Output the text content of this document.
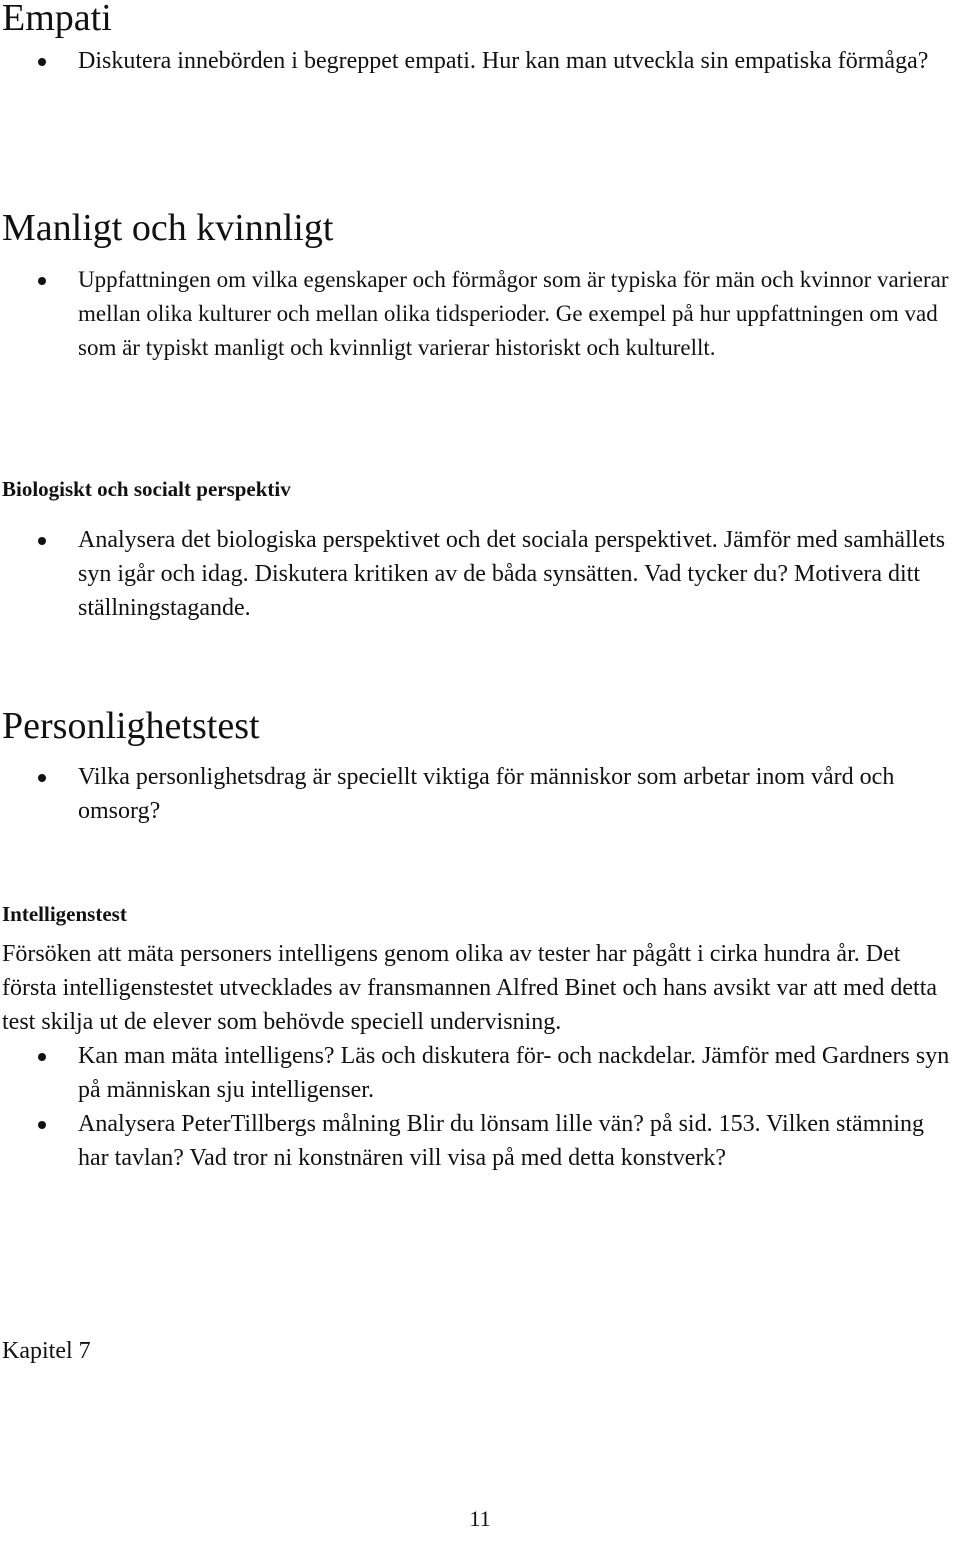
Empati
Diskutera innebörden i begreppet empati. Hur kan man utveckla sin empatiska förmåga?
Manligt och kvinnligt
Uppfattningen om vilka egenskaper och förmågor som är typiska för män och kvinnor varierar mellan olika kulturer och mellan olika tidsperioder. Ge exempel på hur uppfattningen om vad som är typiskt manligt och kvinnligt varierar historiskt och kulturellt.
Biologiskt och socialt perspektiv
Analysera det biologiska perspektivet och det sociala perspektivet. Jämför med samhällets syn igår och idag. Diskutera kritiken av de båda synsätten. Vad tycker du? Motivera ditt ställningstagande.
Personlighetstest
Vilka personlighetsdrag är speciellt viktiga för människor som arbetar inom vård och omsorg?
Intelligenstest

Försöken att mäta personers intelligens genom olika av tester har pågått i cirka hundra år. Det första intelligenstestet utvecklades av fransmannen Alfred Binet och hans avsikt var att med detta test skilja ut de elever som behövde speciell undervisning.

Kan man mäta intelligens? Läs och diskutera för- och nackdelar. Jämför med Gardners syn på människan sju intelligenser.
Analysera PeterTillbergs målning Blir du lönsam lille vän? på sid. 153. Vilken stämning har tavlan? Vad tror ni konstnären vill visa på med detta konstverk?
Kapitel 7
11
